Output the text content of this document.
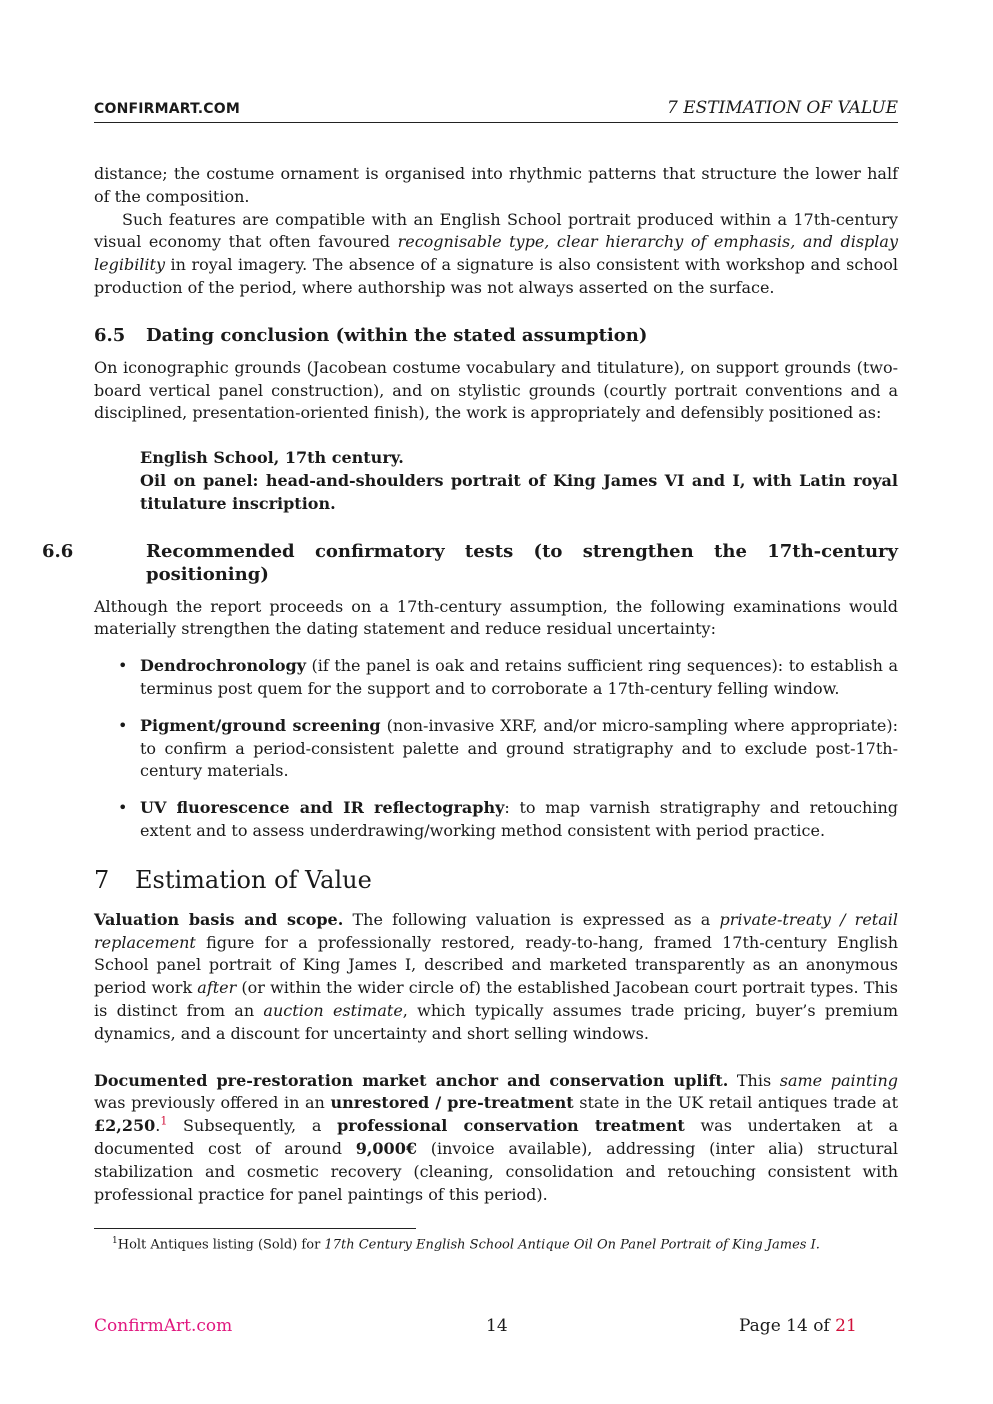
CONFIRMART.COM	7 ESTIMATION OF VALUE

distance; the costume ornament is organised into rhythmic patterns that structure the lower half of the composition.

Such features are compatible with an English School portrait produced within a 17th-century visual economy that often favoured recognisable type, clear hierarchy of emphasis, and display legibility in royal imagery. The absence of a signature is also consistent with workshop and school production of the period, where authorship was not always asserted on the surface.

6.5 Dating conclusion (within the stated assumption)

On iconographic grounds (Jacobean costume vocabulary and titulature), on support grounds (two-board vertical panel construction), and on stylistic grounds (courtly portrait conventions and a disciplined, presentation-oriented finish), the work is appropriately and defensibly positioned as:

English School, 17th century.
Oil on panel: head-and-shoulders portrait of King James VI and I, with Latin royal titulature inscription.
6.6	Recommended confirmatory tests (to strengthen the 17th-century positioning)

Although the report proceeds on a 17th-century assumption, the following examinations would materially strengthen the dating statement and reduce residual uncertainty:

• Dendrochronology (if the panel is oak and retains sufficient ring sequences): to establish a terminus post quem for the support and to corroborate a 17th-century felling window.
• Pigment/ground screening (non-invasive XRF, and/or micro-sampling where appropriate): to confirm a period-consistent palette and ground stratigraphy and to exclude post-17th-century materials.
• UV fluorescence and IR reflectography: to map varnish stratigraphy and retouching extent and to assess underdrawing/working method consistent with period practice.
7 Estimation of Value

Valuation basis and scope. The following valuation is expressed as a private-treaty / retail replacement figure for a professionally restored, ready-to-hang, framed 17th-century English School panel portrait of King James I, described and marketed transparently as an anonymous period work after (or within the wider circle of) the established Jacobean court portrait types. This is distinct from an auction estimate, which typically assumes trade pricing, buyer’s premium dynamics, and a discount for uncertainty and short selling windows.

Documented pre-restoration market anchor and conservation uplift. This same painting was previously offered in an unrestored / pre-treatment state in the UK retail antiques trade at £2,250.$^1$ Subsequently, a professional conservation treatment was undertaken at a documented cost of around 9,000€ (invoice available), addressing (inter alia) structural stabilization and cosmetic recovery (cleaning, consolidation and retouching consistent with professional practice for panel paintings of this period).

$^1$Holt Antiques listing (Sold) for 17th Century English School Antique Oil On Panel Portrait of King James I.
ConfirmArt.com	14	Page 14 of 21
